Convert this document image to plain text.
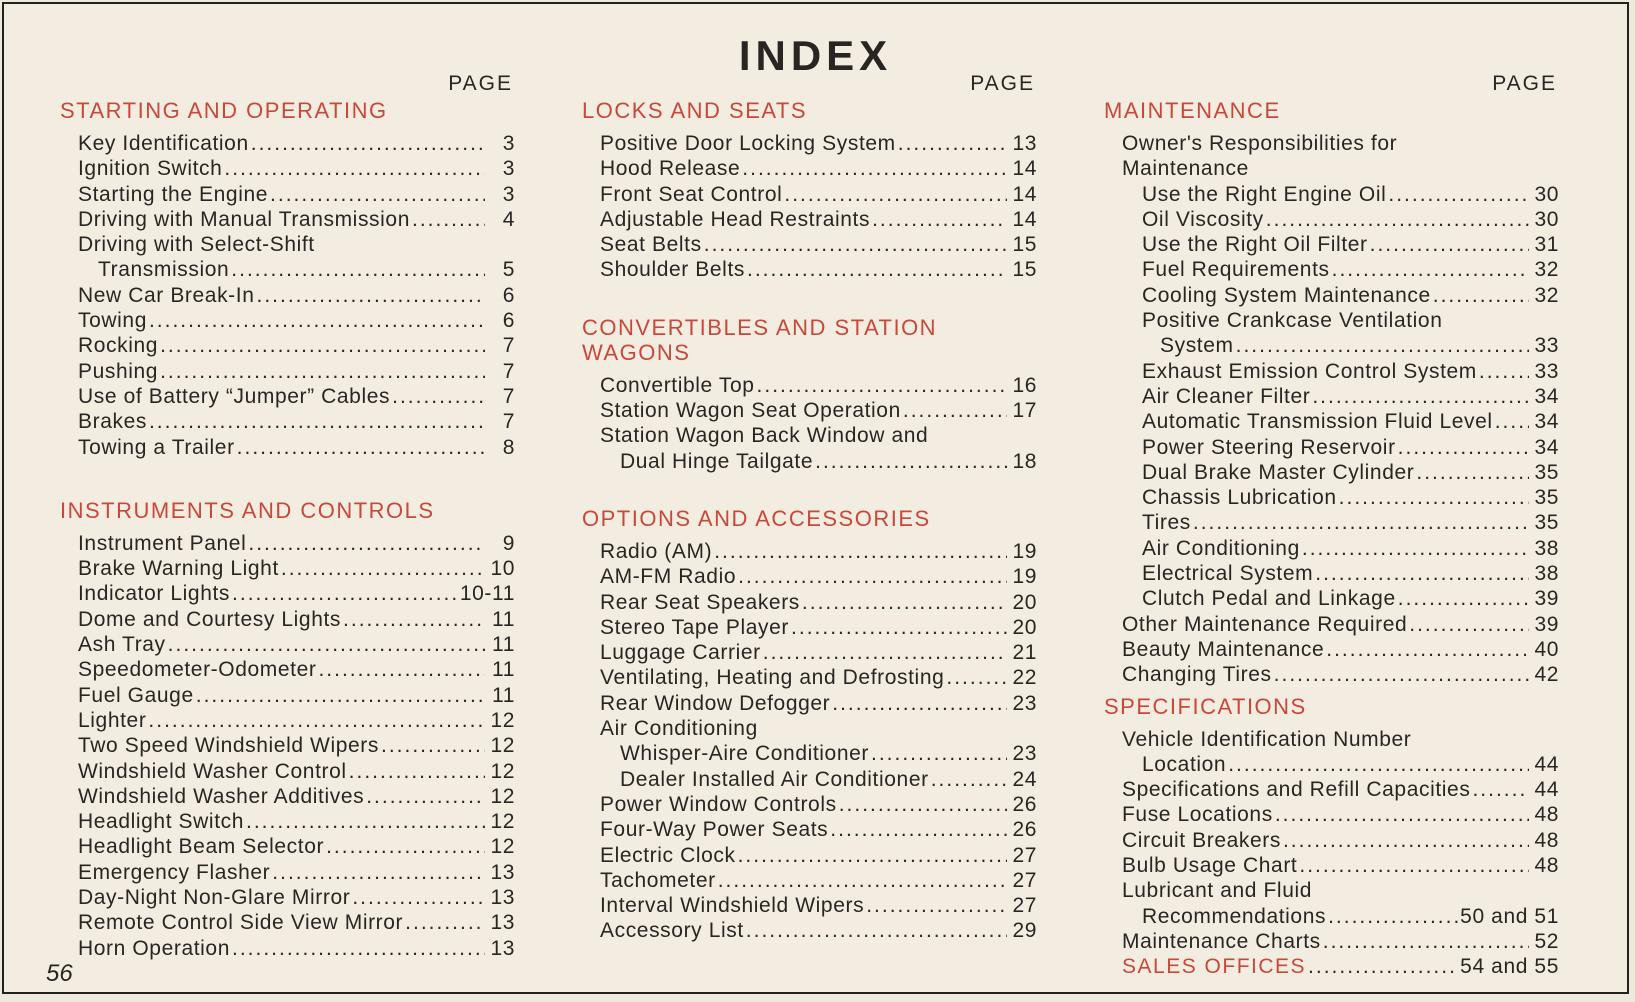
INDEX
PAGE
STARTING AND OPERATING
Key Identification .....	3
Ignition Switch .....	3
Starting the Engine .....	3
Driving with Manual Transmission .....	4
Driving with Select-Shift
Transmission .....	5
New Car Break-In .....	6
Towing .....	6
Rocking .....	7
Pushing .....	7
Use of Battery “Jumper” Cables .....	7
Brakes .....	7
Towing a Trailer .....	8
INSTRUMENTS AND CONTROLS
Instrument Panel .....	9
Brake Warning Light .....	10
Indicator Lights .....	10-11
Dome and Courtesy Lights .....	11
Ash Tray .....	11
Speedometer-Odometer .....	11
Fuel Gauge .....	11
Lighter .....	12
Two Speed Windshield Wipers .....	12
Windshield Washer Control .....	12
Windshield Washer Additives .....	12
Headlight Switch .....	12
Headlight Beam Selector .....	12
Emergency Flasher .....	13
Day-Night Non-Glare Mirror .....	13
Remote Control Side View Mirror .....	13
Horn Operation .....	13
PAGE
LOCKS AND SEATS
Positive Door Locking System .....	13
Hood Release .....	14
Front Seat Control .....	14
Adjustable Head Restraints .....	14
Seat Belts .....	15
Shoulder Belts .....	15
CONVERTIBLES AND STATION WAGONS
Convertible Top .....	16
Station Wagon Seat Operation .....	17
Station Wagon Back Window and
Dual Hinge Tailgate .....	18
OPTIONS AND ACCESSORIES
Radio (AM) .....	19
AM-FM Radio .....	19
Rear Seat Speakers .....	20
Stereo Tape Player .....	20
Luggage Carrier .....	21
Ventilating, Heating and Defrosting .....	22
Rear Window Defogger .....	23
Air Conditioning
Whisper-Aire Conditioner .....	23
Dealer Installed Air Conditioner .....	24
Power Window Controls .....	26
Four-Way Power Seats .....	26
Electric Clock .....	27
Tachometer .....	27
Interval Windshield Wipers .....	27
Accessory List .....	29
PAGE
MAINTENANCE
Owner's Responsibilities for
Maintenance
Use the Right Engine Oil .....	30
Oil Viscosity .....	30
Use the Right Oil Filter .....	31
Fuel Requirements .....	32
Cooling System Maintenance .....	32
Positive Crankcase Ventilation
System .....	33
Exhaust Emission Control System .....	33
Air Cleaner Filter .....	34
Automatic Transmission Fluid Level ..... 34
Power Steering Reservoir .....	34
Dual Brake Master Cylinder .....	35
Chassis Lubrication .....	35
Tires .....	35
Air Conditioning .....	38
Electrical System .....	38
Clutch Pedal and Linkage .....	39
Other Maintenance Required .....	39
Beauty Maintenance .....	40
Changing Tires .....	42
SPECIFICATIONS
Vehicle Identification Number
Location .....	44
Specifications and Refill Capacities .....	44
Fuse Locations .....	48
Circuit Breakers .....	48
Bulb Usage Chart .....	48
Lubricant and Fluid
Recommendations .....	50 and 51
Maintenance Charts .....	52
SALES OFFICES .....	54 and 55
56
